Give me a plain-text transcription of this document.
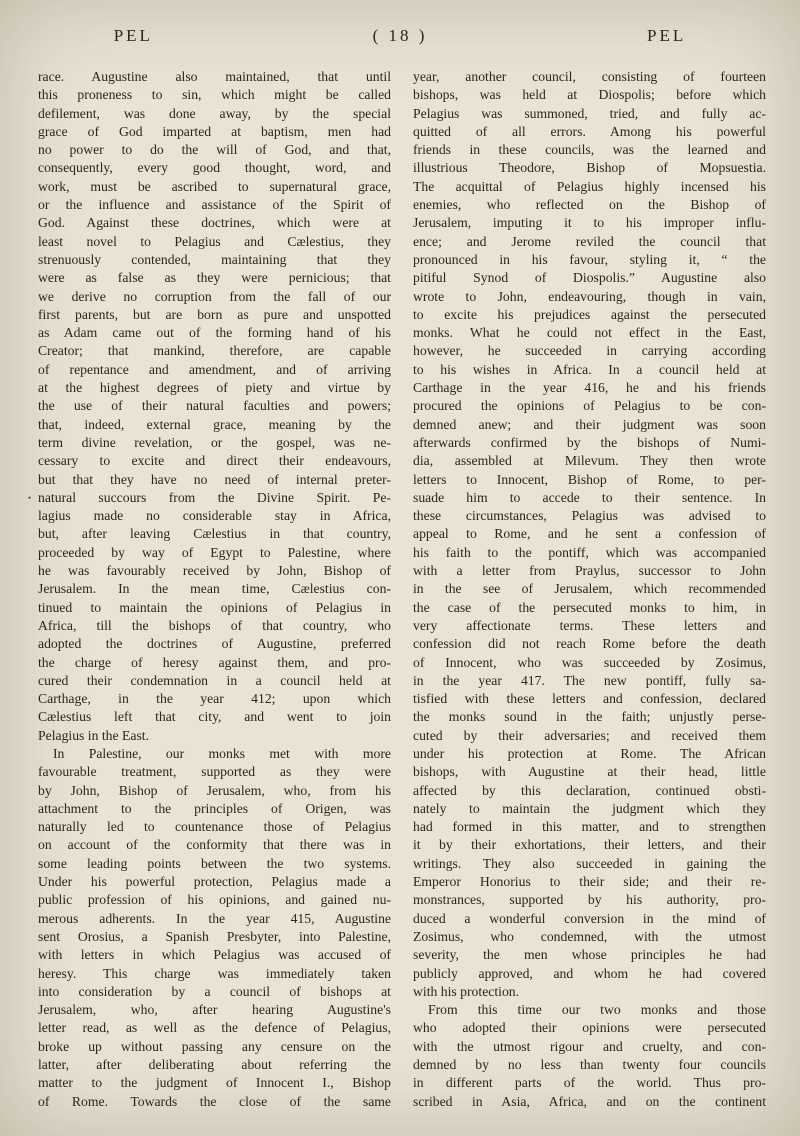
PEL	( 18 )	PEL
race. Augustine also maintained, that until
this proneness to sin, which might be called
defilement, was done away, by the special
grace of God imparted at baptism, men had
no power to do the will of God, and that,
consequently, every good thought, word, and
work, must be ascribed to supernatural grace,
or the influence and assistance of the Spirit of
God. Against these doctrines, which were at
least novel to Pelagius and Cælestius, they
strenuously contended, maintaining that they
were as false as they were pernicious; that
we derive no corruption from the fall of our
first parents, but are born as pure and unspotted
as Adam came out of the forming hand of his
Creator; that mankind, therefore, are capable
of repentance and amendment, and of arriving
at the highest degrees of piety and virtue by
the use of their natural faculties and powers;
that, indeed, external grace, meaning by the
term divine revelation, or the gospel, was ne-
cessary to excite and direct their endeavours,
but that they have no need of internal preter-
natural succours from the Divine Spirit. Pe-
lagius made no considerable stay in Africa,
but, after leaving Cælestius in that country,
proceeded by way of Egypt to Palestine, where
he was favourably received by John, Bishop of
Jerusalem. In the mean time, Cælestius con-
tinued to maintain the opinions of Pelagius in
Africa, till the bishops of that country, who
adopted the doctrines of Augustine, preferred
the charge of heresy against them, and pro-
cured their condemnation in a council held at
Carthage, in the year 412; upon which
Cælestius left that city, and went to join
Pelagius in the East.
In Palestine, our monks met with more
favourable treatment, supported as they were
by John, Bishop of Jerusalem, who, from his
attachment to the principles of Origen, was
naturally led to countenance those of Pelagius
on account of the conformity that there was in
some leading points between the two systems.
Under his powerful protection, Pelagius made a
public profession of his opinions, and gained nu-
merous adherents. In the year 415, Augustine
sent Orosius, a Spanish Presbyter, into Palestine,
with letters in which Pelagius was accused of
heresy. This charge was immediately taken
into consideration by a council of bishops at
Jerusalem, who, after hearing Augustine's
letter read, as well as the defence of Pelagius,
broke up without passing any censure on the
latter, after deliberating about referring the
matter to the judgment of Innocent I., Bishop
of Rome. Towards the close of the same
year, another council, consisting of fourteen
bishops, was held at Diospolis; before which
Pelagius was summoned, tried, and fully ac-
quitted of all errors. Among his powerful
friends in these councils, was the learned and
illustrious Theodore, Bishop of Mopsuestia.
The acquittal of Pelagius highly incensed his
enemies, who reflected on the Bishop of
Jerusalem, imputing it to his improper influ-
ence; and Jerome reviled the council that
pronounced in his favour, styling it, “ the
pitiful Synod of Diospolis.” Augustine also
wrote to John, endeavouring, though in vain,
to excite his prejudices against the persecuted
monks. What he could not effect in the East,
however, he succeeded in carrying according
to his wishes in Africa. In a council held at
Carthage in the year 416, he and his friends
procured the opinions of Pelagius to be con-
demned anew; and their judgment was soon
afterwards confirmed by the bishops of Numi-
dia, assembled at Milevum. They then wrote
letters to Innocent, Bishop of Rome, to per-
suade him to accede to their sentence. In
these circumstances, Pelagius was advised to
appeal to Rome, and he sent a confession of
his faith to the pontiff, which was accompanied
with a letter from Praylus, successor to John
in the see of Jerusalem, which recommended
the case of the persecuted monks to him, in
very affectionate terms. These letters and
confession did not reach Rome before the death
of Innocent, who was succeeded by Zosimus,
in the year 417. The new pontiff, fully sa-
tisfied with these letters and confession, declared
the monks sound in the faith; unjustly perse-
cuted by their adversaries; and received them
under his protection at Rome. The African
bishops, with Augustine at their head, little
affected by this declaration, continued obsti-
nately to maintain the judgment which they
had formed in this matter, and to strengthen
it by their exhortations, their letters, and their
writings. They also succeeded in gaining the
Emperor Honorius to their side; and their re-
monstrances, supported by his authority, pro-
duced a wonderful conversion in the mind of
Zosimus, who condemned, with the utmost
severity, the men whose principles he had
publicly approved, and whom he had covered
with his protection.
From this time our two monks and those
who adopted their opinions were persecuted
with the utmost rigour and cruelty, and con-
demned by no less than twenty four councils
in different parts of the world. Thus pro-
scribed in Asia, Africa, and on the continent
•
